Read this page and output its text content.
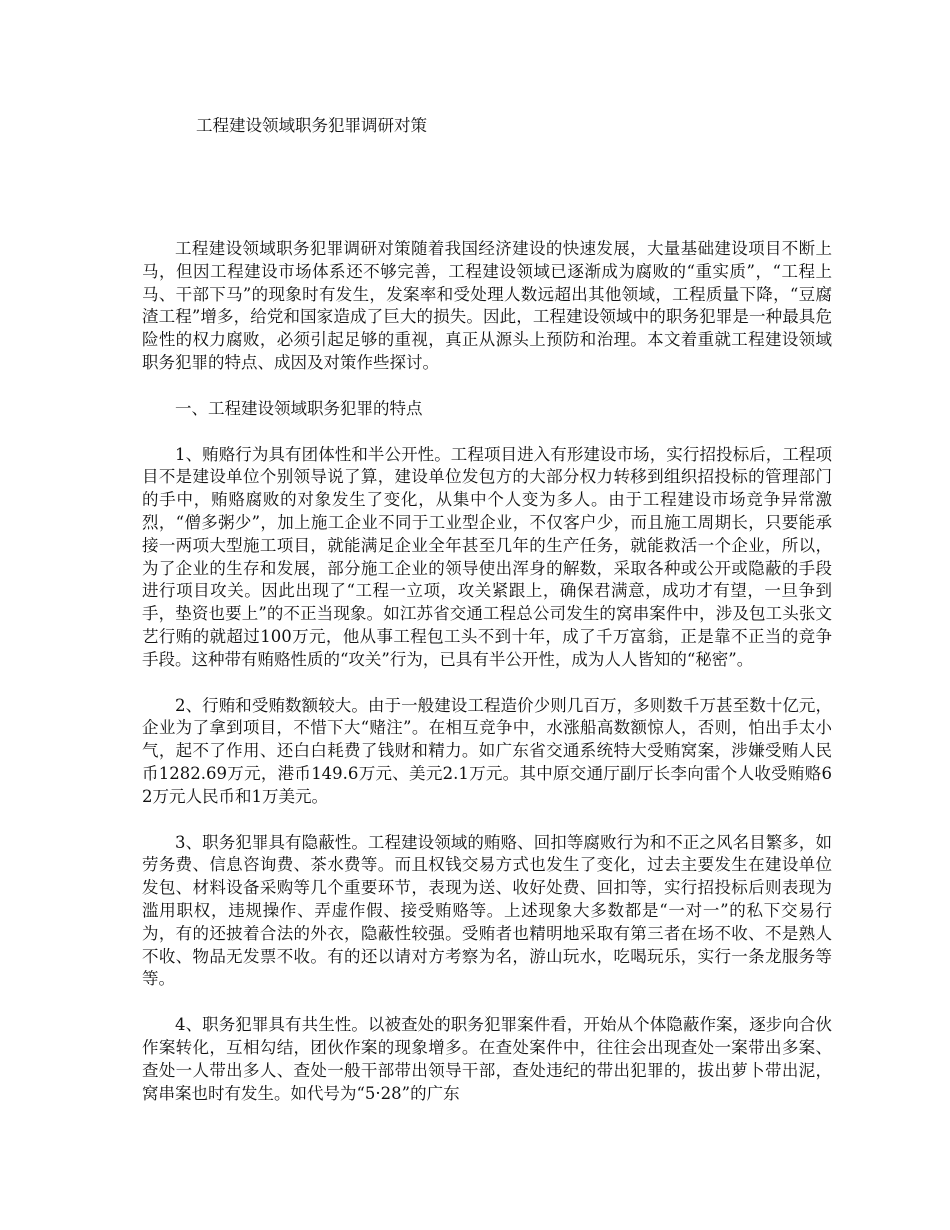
工程建设领域职务犯罪调研对策

工程建设领域职务犯罪调研对策随着我国经济建设的快速发展，大量基础建设项目不断上马，但因工程建设市场体系还不够完善，工程建设领域已逐渐成为腐败的“重实质”，“工程上马、干部下马”的现象时有发生，发案率和受处理人数远超出其他领域，工程质量下降，“豆腐渣工程”增多，给党和国家造成了巨大的损失。因此，工程建设领域中的职务犯罪是一种最具危险性的权力腐败，必须引起足够的重视，真正从源头上预防和治理。本文着重就工程建设领域职务犯罪的特点、成因及对策作些探讨。

一、工程建设领域职务犯罪的特点

1、贿赂行为具有团体性和半公开性。工程项目进入有形建设市场，实行招投标后，工程项目不是建设单位个别领导说了算，建设单位发包方的大部分权力转移到组织招投标的管理部门的手中，贿赂腐败的对象发生了变化，从集中个人变为多人。由于工程建设市场竞争异常激烈，“僧多粥少”，加上施工企业不同于工业型企业，不仅客户少，而且施工周期长，只要能承接一两项大型施工项目，就能满足企业全年甚至几年的生产任务，就能救活一个企业，所以，为了企业的生存和发展，部分施工企业的领导使出浑身的解数，采取各种或公开或隐蔽的手段进行项目攻关。因此出现了“工程一立项，攻关紧跟上，确保君满意，成功才有望，一旦争到手，垫资也要上”的不正当现象。如江苏省交通工程总公司发生的窝串案件中，涉及包工头张文艺行贿的就超过100万元，他从事工程包工头不到十年，成了千万富翁，正是靠不正当的竞争手段。这种带有贿赂性质的“攻关”行为，已具有半公开性，成为人人皆知的“秘密”。

2、行贿和受贿数额较大。由于一般建设工程造价少则几百万，多则数千万甚至数十亿元，企业为了拿到项目，不惜下大“赌注”。在相互竞争中，水涨船高数额惊人，否则，怕出手太小气，起不了作用、还白白耗费了钱财和精力。如广东省交通系统特大受贿窝案，涉嫌受贿人民币1282.69万元，港币149.6万元、美元2.1万元。其中原交通厅副厅长李向雷个人收受贿赂62万元人民币和1万美元。

3、职务犯罪具有隐蔽性。工程建设领域的贿赂、回扣等腐败行为和不正之风名目繁多，如劳务费、信息咨询费、茶水费等。而且权钱交易方式也发生了变化，过去主要发生在建设单位发包、材料设备采购等几个重要环节，表现为送、收好处费、回扣等，实行招投标后则表现为滥用职权，违规操作、弄虚作假、接受贿赂等。上述现象大多数都是“一对一”的私下交易行为，有的还披着合法的外衣，隐蔽性较强。受贿者也精明地采取有第三者在场不收、不是熟人不收、物品无发票不收。有的还以请对方考察为名，游山玩水，吃喝玩乐，实行一条龙服务等等。

4、职务犯罪具有共生性。以被查处的职务犯罪案件看，开始从个体隐蔽作案，逐步向合伙作案转化，互相勾结，团伙作案的现象增多。在查处案件中，往往会出现查处一案带出多案、查处一人带出多人、查处一般干部带出领导干部，查处违纪的带出犯罪的，拔出萝卜带出泥，窝串案也时有发生。如代号为“5·28”的广东
